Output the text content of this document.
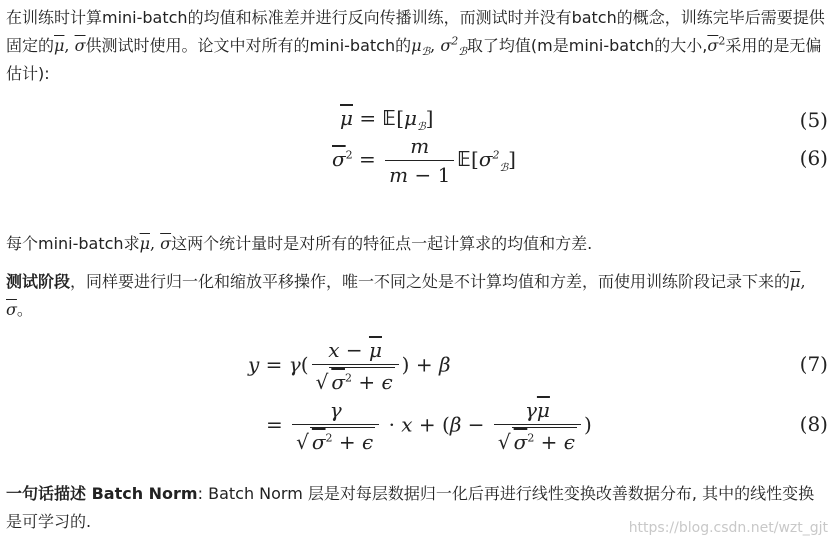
在训练时计算mini-batch的均值和标准差并进行反向传播训练，而测试时并没有batch的概念，训练完毕后需要提供固定的$\overline{\mu}$, $\overline{\sigma}$供测试时使用。论文中对所有的mini-batch的$\mu_ℬ$, $\sigma^2_ℬ$取了均值(m是mini-batch的大小$,\overline{\sigma}^2$采用的是无偏估计):

$\overline{\mu}$ = $𝔼[\mu_ℬ]$	(5)
$\overline{\sigma}^2 = \frac{m}{m - 1}$ $𝔼[\sigma^2_ℬ]$	(6)

每个mini-batch求$\overline{\mu}$, $\overline{\sigma}$这两个统计量时是对所有的特征点一起计算求的均值和方差.

测试阶段，同样要进行归一化和缩放平移操作，唯一不同之处是不计算均值和方差，而使用训练阶段记录下来的$\overline{\mu}$, $\overline{\sigma}$。

$y = \gamma( \frac{x - \overline{\mu}}{√ \sigma^2 + \epsilon}$ ) + β	(7)
= $\frac{\gamma}{√ \sigma^2 + \epsilon} \cdot x + (\beta - \frac{\gamma\overline{\mu}}{√ \sigma^2 + \epsilon}$ )	(8)

一句话描述 Batch Norm: Batch Norm 层是对每层数据归一化后再进行线性变换改善数据分布, 其中的线性变换是可学习的.	https://blog.csdn.net/wzt_gjt
